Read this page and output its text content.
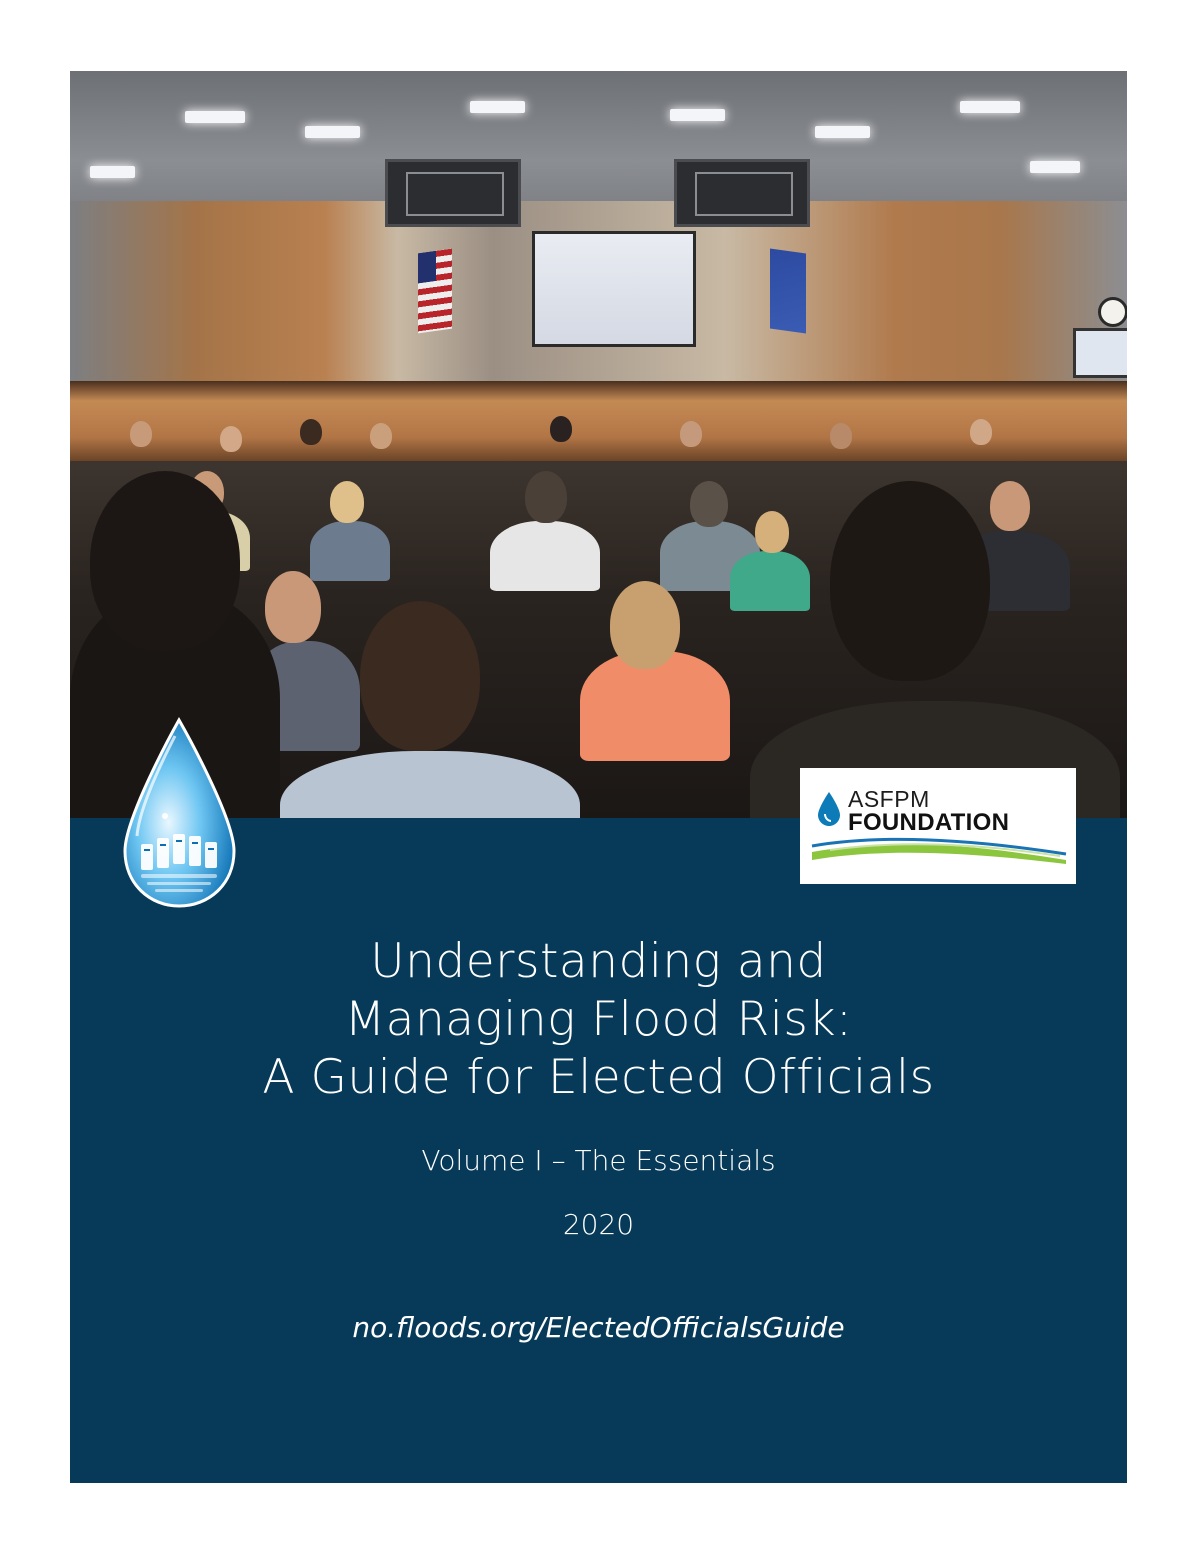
ASFPM
FOUNDATION
Understanding and
Managing Flood Risk:
A Guide for Elected Officials
Volume I – The Essentials
2020
no.floods.org/ElectedOfficialsGuide
